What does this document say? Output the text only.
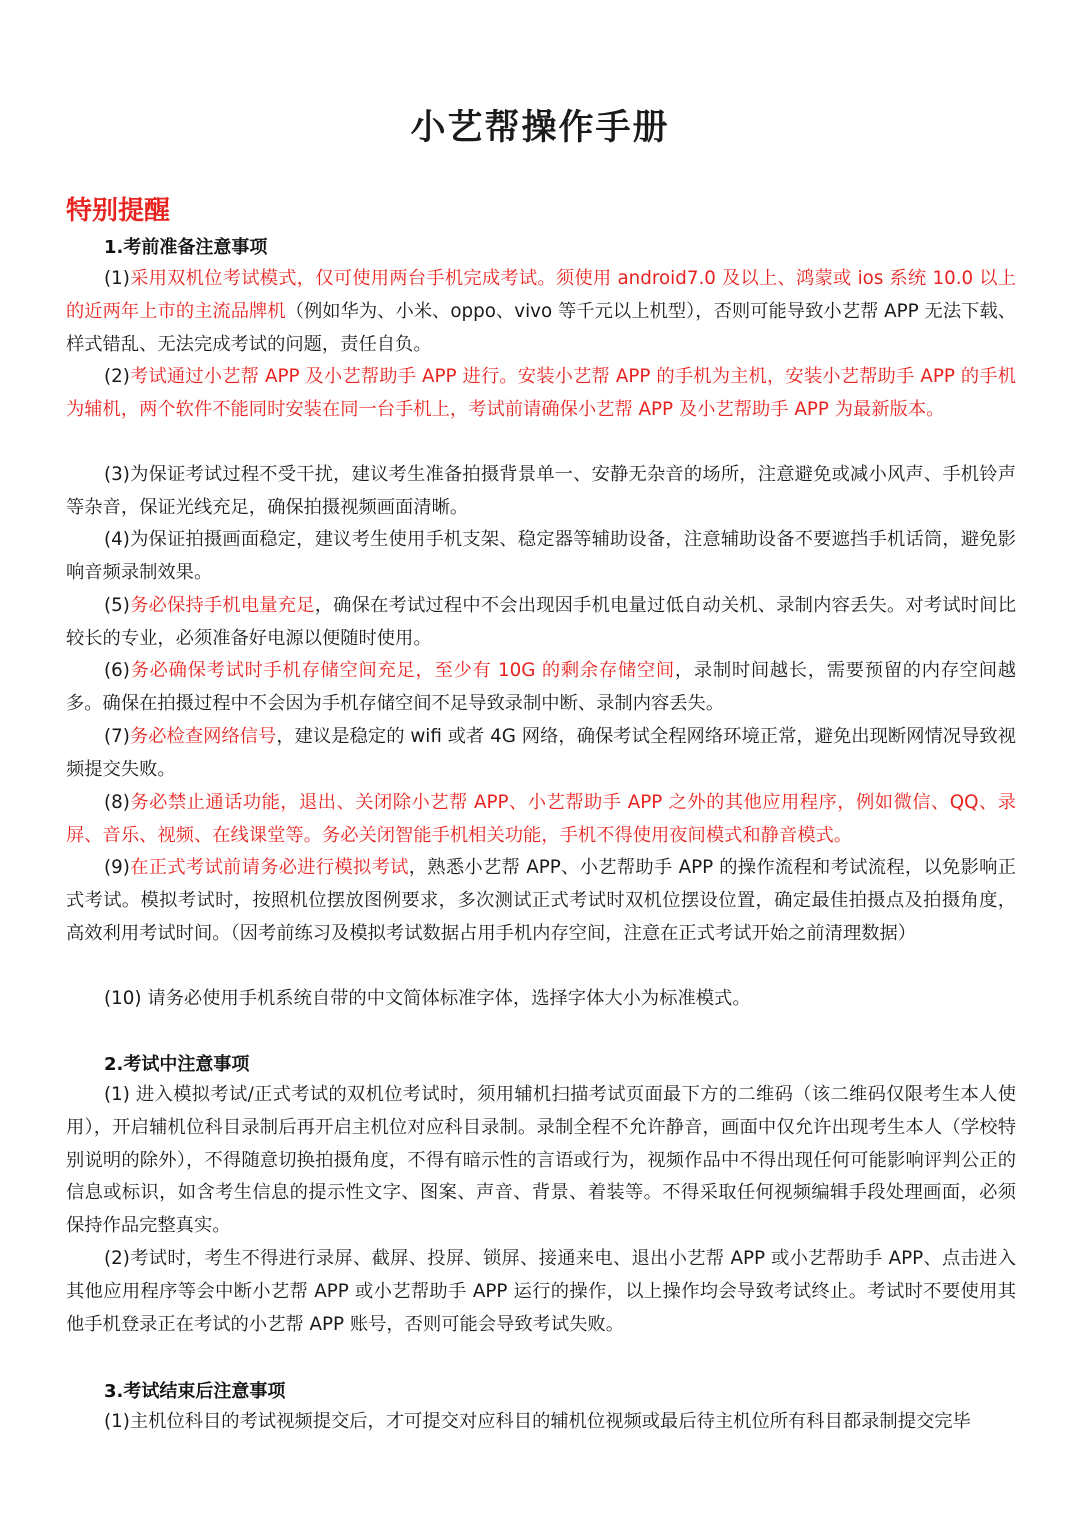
小艺帮操作手册
特别提醒
1.考前准备注意事项

(1)采用双机位考试模式，仅可使用两台手机完成考试。须使用 android7.0 及以上、鸿蒙或 ios 系统 10.0 以上的近两年上市的主流品牌机（例如华为、小米、oppo、vivo 等千元以上机型），否则可能导致小艺帮 APP 无法下载、样式错乱、无法完成考试的问题，责任自负。

(2)考试通过小艺帮 APP 及小艺帮助手 APP 进行。安装小艺帮 APP 的手机为主机，安装小艺帮助手 APP 的手机为辅机，两个软件不能同时安装在同一台手机上，考试前请确保小艺帮 APP 及小艺帮助手 APP 为最新版本。

(3)为保证考试过程不受干扰，建议考生准备拍摄背景单一、安静无杂音的场所，注意避免或减小风声、手机铃声等杂音，保证光线充足，确保拍摄视频画面清晰。

(4)为保证拍摄画面稳定，建议考生使用手机支架、稳定器等辅助设备，注意辅助设备不要遮挡手机话筒，避免影响音频录制效果。

(5)务必保持手机电量充足，确保在考试过程中不会出现因手机电量过低自动关机、录制内容丢失。对考试时间比较长的专业，必须准备好电源以便随时使用。

(6)务必确保考试时手机存储空间充足，至少有 10G 的剩余存储空间，录制时间越长，需要预留的内存空间越多。确保在拍摄过程中不会因为手机存储空间不足导致录制中断、录制内容丢失。

(7)务必检查网络信号，建议是稳定的 wifi 或者 4G 网络，确保考试全程网络环境正常，避免出现断网情况导致视频提交失败。

(8)务必禁止通话功能，退出、关闭除小艺帮 APP、小艺帮助手 APP 之外的其他应用程序，例如微信、QQ、录屏、音乐、视频、在线课堂等。务必关闭智能手机相关功能，手机不得使用夜间模式和静音模式。

(9)在正式考试前请务必进行模拟考试，熟悉小艺帮 APP、小艺帮助手 APP 的操作流程和考试流程，以免影响正式考试。模拟考试时，按照机位摆放图例要求，多次测试正式考试时双机位摆设位置，确定最佳拍摄点及拍摄角度，高效利用考试时间。（因考前练习及模拟考试数据占用手机内存空间，注意在正式考试开始之前清理数据）

(10) 请务必使用手机系统自带的中文简体标准字体，选择字体大小为标准模式。

2.考试中注意事项

(1) 进入模拟考试/正式考试的双机位考试时，须用辅机扫描考试页面最下方的二维码（该二维码仅限考生本人使用），开启辅机位科目录制后再开启主机位对应科目录制。录制全程不允许静音，画面中仅允许出现考生本人（学校特别说明的除外），不得随意切换拍摄角度，不得有暗示性的言语或行为，视频作品中不得出现任何可能影响评判公正的信息或标识，如含考生信息的提示性文字、图案、声音、背景、着装等。不得采取任何视频编辑手段处理画面，必须保持作品完整真实。

(2)考试时，考生不得进行录屏、截屏、投屏、锁屏、接通来电、退出小艺帮 APP 或小艺帮助手 APP、点击进入其他应用程序等会中断小艺帮 APP 或小艺帮助手 APP 运行的操作，以上操作均会导致考试终止。考试时不要使用其他手机登录正在考试的小艺帮 APP 账号，否则可能会导致考试失败。

3.考试结束后注意事项

(1)主机位科目的考试视频提交后，才可提交对应科目的辅机位视频或最后待主机位所有科目都录制提交完毕
